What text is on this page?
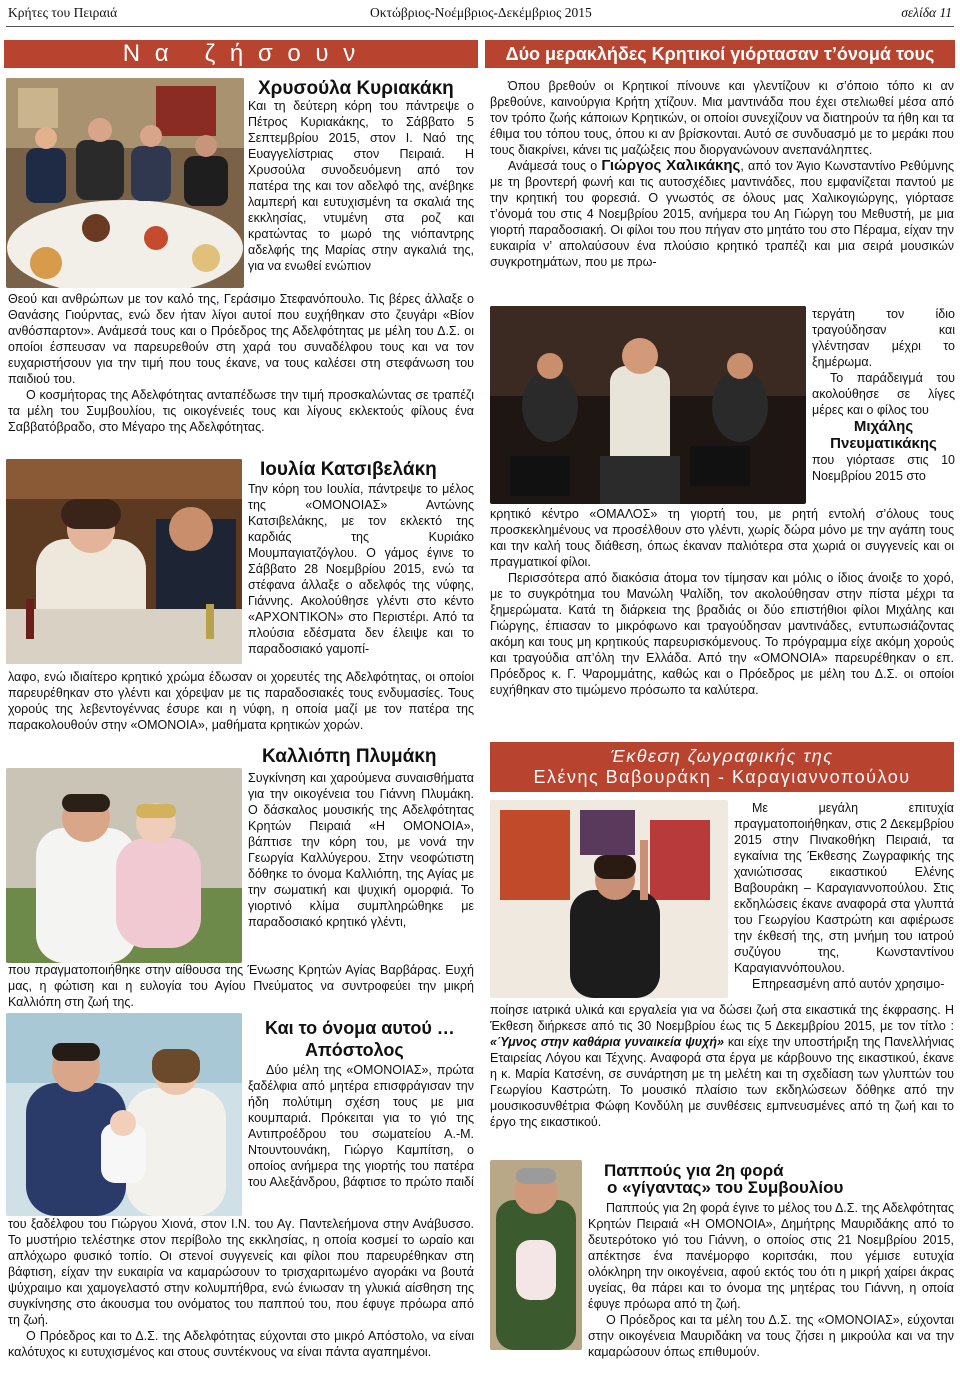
Κρήτες του Πειραιά	Οκτώβριος-Νοέμβριος-Δεκέμβριος 2015	σελίδα 11
Ν α   ζ ή σ ο υ ν	Δύο μερακλήδες Κρητικοί γιόρτασαν τ’όνομά τους
Χρυσούλα Κυριακάκη

Και τη δεύτερη κόρη του πάντρεψε ο Πέτρος Κυριακάκης, το Σάββατο 5 Σεπτεμβρίου 2015, στον Ι. Ναό της Ευαγγελίστριας στον Πειραιά. Η Χρυσούλα συνοδευόμενη από τον πατέρα της και τον αδελφό της, ανέβηκε λαμπερή και ευτυχισμένη τα σκαλιά της εκκλησίας, ντυμένη στα ροζ και κρατώντας το μωρό της νιόπαντρης αδελφής της Μαρίας στην αγκαλιά της, για να ενωθεί ενώπιον

Θεού και ανθρώπων με τον καλό της, Γεράσιμο Στεφανόπουλο. Τις βέρες άλλαξε ο Θανάσης Γιούρντας, ενώ δεν ήταν λίγοι αυτοί που ευχήθηκαν στο ζευγάρι «Βίον ανθόσπαρτον». Ανάμεσά τους και ο Πρόεδρος της Αδελφότητας με μέλη του Δ.Σ. οι οποίοι έσπευσαν να παρευρεθούν στη χαρά του συναδέλφου τους και να τον ευχαριστήσουν για την τιμή που τους έκανε, να τους καλέσει στη στεφάνωση του παιδιού του.

Ο κοσμήτορας της Αδελφότητας ανταπέδωσε την τιμή προσκαλώντας σε τραπέζι τα μέλη του Συμβουλίου, τις οικογένειές τους και λίγους εκλεκτούς φίλους ένα Σαββατόβραδο, στο Μέγαρο της Αδελφότητας.

Ιουλία Κατσιβελάκη

Την κόρη του Ιουλία, πάντρεψε το μέλος της «ΟΜΟΝΟΙΑΣ» Αντώνης Κατσιβελάκης, με τον εκλεκτό της καρδιάς της Κυριάκο Μουμπαγιατζόγλου. Ο γάμος έγινε το Σάββατο 28 Νοεμβρίου 2015, ενώ τα στέφανα άλλαξε ο αδελφός της νύφης, Γιάννης. Ακολούθησε γλέντι στο κέντο «ΑΡΧΟΝΤΙΚΟΝ» στο Περιστέρι. Από τα πλούσια εδέσματα δεν έλειψε και το παραδοσιακό γαμοπί-

λαφο, ενώ ιδιαίτερο κρητικό χρώμα έδωσαν οι χορευτές της Αδελφότητας, οι οποίοι παρευρέθηκαν στο γλέντι και χόρεψαν με τις παραδοσιακές τους ενδυμασίες. Τους χορούς της λεβεντογέννας έσυρε και η νύφη, η οποία μαζί με τον πατέρα της παρακολουθούν στην «ΟΜΟΝΟΙΑ», μαθήματα κρητικών χορών.

Καλλιόπη Πλυμάκη

Συγκίνηση και χαρούμενα συναισθήματα για την οικογένεια του Γιάννη Πλυμάκη. Ο δάσκαλος μουσικής της Αδελφότητας Κρητών Πειραιά «Η ΟΜΟΝΟΙΑ», βάπτισε την κόρη του, με νονά την Γεωργία Καλλύγερου. Στην νεοφώτιστη δόθηκε το όνομα Καλλιόπη, της Αγίας με την σωματική και ψυχική ομορφιά. Το γιορτινό κλίμα συμπληρώθηκε με παραδοσιακό κρητικό γλέντι,

που πραγματοποιήθηκε στην αίθουσα της Ένωσης Κρητών Αγίας Βαρβάρας. Ευχή μας, η φώτιση και η ευλογία του Αγίου Πνεύματος να συντροφεύει την μικρή Καλλιόπη στη ζωή της.

Και το όνομα αυτού …
Απόστολος

Δύο μέλη της «ΟΜΟΝΟΙΑΣ», πρώτα ξαδέλφια από μητέρα επισφράγισαν την ήδη πολύτιμη σχέση τους με μια κουμπαριά. Πρόκειται για το γιό της Αντιπροέδρου του σωματείου Α.-Μ. Ντουντουνάκη, Γιώργο Καμπίτση, ο οποίος ανήμερα της γιορτής του πατέρα του Αλεξάνδρου, βάφτισε το πρώτο παιδί

του ξαδέλφου του Γιώργου Χιονά, στον Ι.Ν. του Αγ. Παντελεήμονα στην Ανάβυσσο. Το μυστήριο τελέστηκε στον περίβολο της εκκλησίας, η οποία κοσμεί το ωραίο και απλόχωρο φυσικό τοπίο. Οι στενοί συγγενείς και φίλοι που παρευρέθηκαν στη βάφτιση, είχαν την ευκαιρία να καμαρώσουν το τρισχαριτωμένο αγοράκι να βουτά ψύχραιμο και χαμογελαστό στην κολυμπήθρα, ενώ ένιωσαν τη γλυκιά αίσθηση της συγκίνησης στο άκουσμα του ονόματος του παππού του, που έφυγε πρόωρα από τη ζωή.

Ο Πρόεδρος και το Δ.Σ. της Αδελφότητας εύχονται στο μικρό Απόστολο, να είναι καλότυχος κι ευτυχισμένος και στους συντέκνους να είναι πάντα αγαπημένοι.

Όπου βρεθούν οι Κρητικοί πίνουνε και γλεντίζουν κι σ’όποιο τόπο κι αν βρεθούνε, καινούργια Κρήτη χτίζουν. Μια μαντινάδα που έχει στελιωθεί μέσα από τον τρόπο ζωής κάποιων Κρητικών, οι οποίοι συνεχίζουν να διατηρούν τα ήθη και τα έθιμα του τόπου τους, όπου κι αν βρίσκονται. Αυτό σε συνδυασμό με το μεράκι που τους διακρίνει, κάνει τις μαζώξεις που διοργανώνουν ανεπανάληπτες.

Ανάμεσά τους ο Γιώργος Χαλικάκης, από τον Άγιο Κωνσταντίνο Ρεθύμνης με τη βροντερή φωνή και τις αυτοσχέδιες μαντινάδες, που εμφανίζεται παντού με την κρητική του φορεσιά. Ο γνωστός σε όλους μας Χαλικογιώργης, γιόρτασε τ’όνομά του στις 4 Νοεμβρίου 2015, ανήμερα του Αη Γιώργη του Μεθυστή, με μια γιορτή παραδοσιακή. Οι φίλοι του που πήγαν στο μητάτο του στο Πέραμα, είχαν την ευκαιρία ν’ απολαύσουν ένα πλούσιο κρητικό τραπέζι και μια σειρά μουσικών συγκροτημάτων, που με πρω-

τεργάτη τον ίδιο τραγούδησαν και γλέντησαν μέχρι το ξημέρωμα.

Το παράδειγμά του ακολούθησε σε λίγες μέρες και ο φίλος του

Μιχάλης Πνευματικάκης

που γιόρτασε στις 10 Νοεμβρίου 2015 στο

κρητικό κέντρο «ΟΜΑΛΟΣ» τη γιορτή του, με ρητή εντολή σ’όλους τους προσκεκλημένους να προσέλθουν στο γλέντι, χωρίς δώρα μόνο με την αγάπη τους και την καλή τους διάθεση, όπως έκαναν παλιότερα στα χωριά οι συγγενείς και οι πραγματικοί φίλοι.

Περισσότερα από διακόσια άτομα τον τίμησαν και μόλις ο ίδιος άνοιξε το χορό, με το συγκρότημα του Μανώλη Ψαλίδη, τον ακολούθησαν στην πίστα μέχρι τα ξημερώματα. Κατά τη διάρκεια της βραδιάς οι δύο επιστήθιοι φίλοι Μιχάλης και Γιώργης, έπιασαν το μικρόφωνο και τραγούδησαν μαντινάδες, εντυπωσιάζοντας ακόμη και τους μη κρητικούς παρευρισκόμενους. Το πρόγραμμα είχε ακόμη χορούς και τραγούδια απ’όλη την Ελλάδα. Από την «ΟΜΟΝΟΙΑ» παρευρέθηκαν ο επ. Πρόεδρος κ. Γ. Ψαρομμάτης, καθώς και ο Πρόεδρος με μέλη του Δ.Σ. οι οποίοι ευχήθηκαν στο τιμώμενο πρόσωπο τα καλύτερα.

Έκθεση ζωγραφικής της
Ελένης Βαβουράκη - Καραγιαννοπούλου

Με μεγάλη επιτυχία πραγματοποιήθηκαν, στις 2 Δεκεμβρίου 2015 στην Πινακοθήκη Πειραιά, τα εγκαίνια της Έκθεσης Ζωγραφικής της χανιώτισσας εικαστικού Ελένης Βαβουράκη – Καραγιαννοπούλου. Στις εκδηλώσεις έκανε αναφορά στα γλυπτά του Γεωργίου Καστρώτη και αφιέρωσε την έκθεσή της, στη μνήμη του ιατρού συζύγου της, Κωνσταντίνου Καραγιαννόπουλου.

Επηρεασμένη από αυτόν χρησιμο-

ποίησε ιατρικά υλικά και εργαλεία για να δώσει ζωή στα εικαστικά της έκφρασης. Η Έκθεση διήρκεσε από τις 30 Νοεμβρίου έως τις 5 Δεκεμβρίου 2015, με τον τίτλο : «Ύμνος στην καθάρια γυναικεία ψυχή» και είχε την υποστήριξη της Πανελλήνιας Εταιρείας Λόγου και Τέχνης. Αναφορά στα έργα με κάρβουνο της εικαστικού, έκανε η κ. Μαρία Κατσένη, σε συνάρτηση με τη μελέτη και τη σχεδίαση των γλυπτών του Γεωργίου Καστρώτη. Το μουσικό πλαίσιο των εκδηλώσεων δόθηκε από την μουσικοσυνθέτρια Φώφη Κονδύλη με συνθέσεις εμπνευσμένες από τη ζωή και το έργο της εικαστικού.

Παππούς για 2η φορά
ο «γίγαντας» του Συμβουλίου

Παππούς για 2η φορά έγινε το μέλος του Δ.Σ. της Αδελφότητας Κρητών Πειραιά «Η ΟΜΟΝΟΙΑ», Δημήτρης Μαυριδάκης από το δευτερότοκο γιό του Γιάννη, ο οποίος στις 21 Νοεμβρίου 2015, απέκτησε ένα πανέμορφο κοριτσάκι, που γέμισε ευτυχία ολόκληρη την οικογένεια, αφού εκτός του ότι η μικρή χαίρει άκρας υγείας, θα πάρει και το όνομα της μητέρας του Γιάννη, η οποία έφυγε πρόωρα από τη ζωή.

Ο Πρόεδρος και τα μέλη του Δ.Σ. της «ΟΜΟΝΟΙΑΣ», εύχονται στην οικογένεια Μαυριδάκη να τους ζήσει η μικρούλα και να την καμαρώσουν όπως επιθυμούν.
